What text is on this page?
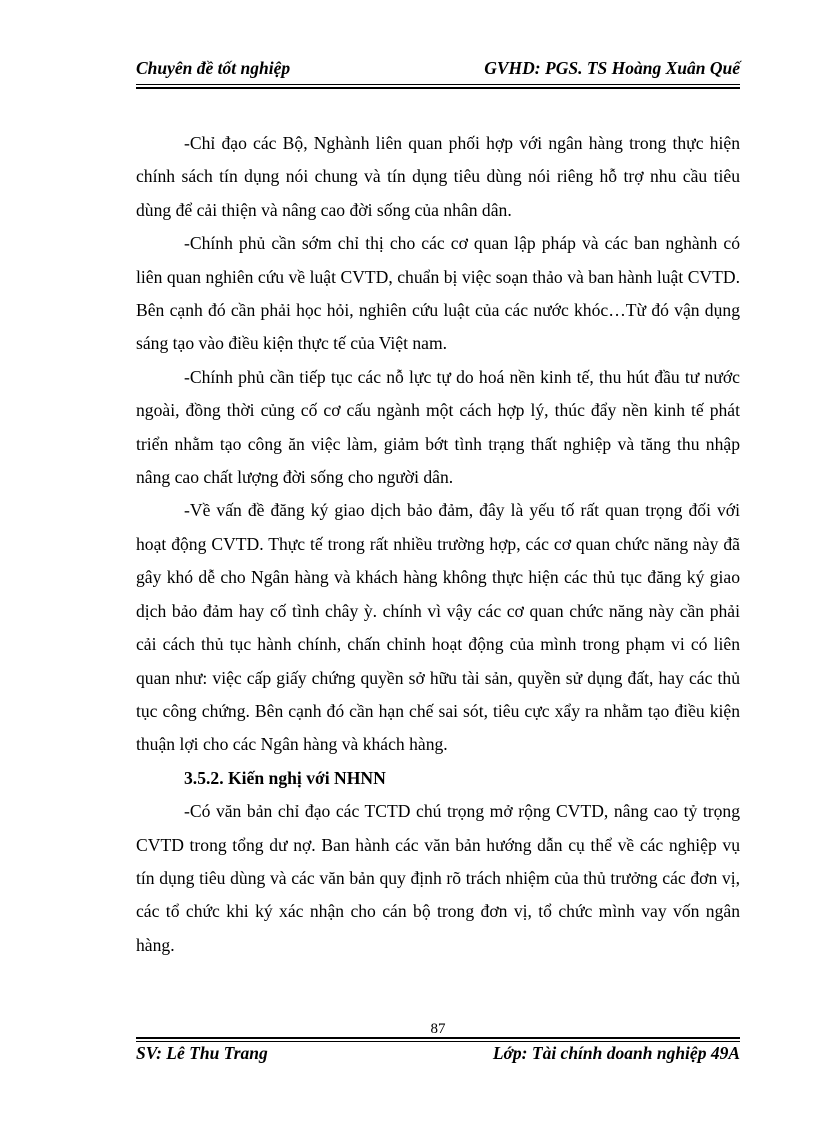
Chuyên đề tốt nghiệp	GVHD: PGS. TS Hoàng Xuân Quế

-Chỉ đạo các Bộ, Nghành liên quan phối hợp với ngân hàng trong thực hiện chính sách tín dụng nói chung và tín dụng tiêu dùng nói riêng hỗ trợ nhu cầu tiêu dùng để cải thiện và nâng cao đời sống của nhân dân.

-Chính phủ cần sớm chỉ thị cho các cơ quan lập pháp và các ban nghành có liên quan nghiên cứu về luật CVTD, chuẩn bị việc soạn thảo và ban hành luật CVTD. Bên cạnh đó cần phải học hỏi, nghiên cứu luật của các nước khóc…Từ đó vận dụng sáng tạo vào điều kiện thực tế của Việt nam.

-Chính phủ cần tiếp tục các nỗ lực tự do hoá nền kinh tế, thu hút đầu tư nước ngoài, đồng thời củng cố cơ cấu ngành một cách hợp lý, thúc đẩy nền kinh tế phát triển nhằm tạo công ăn việc làm, giảm bớt tình trạng thất nghiệp và tăng thu nhập nâng cao chất lượng đời sống cho người dân.

-Về vấn đề đăng ký giao dịch bảo đảm, đây là yếu tố rất quan trọng đối với hoạt động CVTD. Thực tế trong rất nhiều trường hợp, các cơ quan chức năng này đã gây khó dễ cho Ngân hàng và khách hàng không thực hiện các thủ tục đăng ký giao dịch bảo đảm hay cố tình chây ỳ. chính vì vậy các cơ quan chức năng này cần phải cải cách thủ tục hành chính, chấn chỉnh hoạt động của mình trong phạm vi có liên quan như: việc cấp giấy chứng quyền sở hữu tài sản, quyền sử dụng đất, hay các thủ tục công chứng. Bên cạnh đó cần hạn chế sai sót, tiêu cực xẩy ra nhằm tạo điều kiện thuận lợi cho các Ngân hàng và khách hàng.

3.5.2. Kiến nghị với NHNN

-Có văn bản chỉ đạo các TCTD chú trọng mở rộng CVTD, nâng cao tỷ trọng CVTD trong tổng dư nợ. Ban hành các văn bản hướng dẫn cụ thể về các nghiệp vụ tín dụng tiêu dùng và các văn bản quy định rõ trách nhiệm của thủ trưởng các đơn vị, các tổ chức khi ký xác nhận cho cán bộ trong đơn vị, tổ chức mình vay vốn ngân hàng.

87
SV: Lê Thu Trang	Lớp: Tài chính doanh nghiệp 49A
